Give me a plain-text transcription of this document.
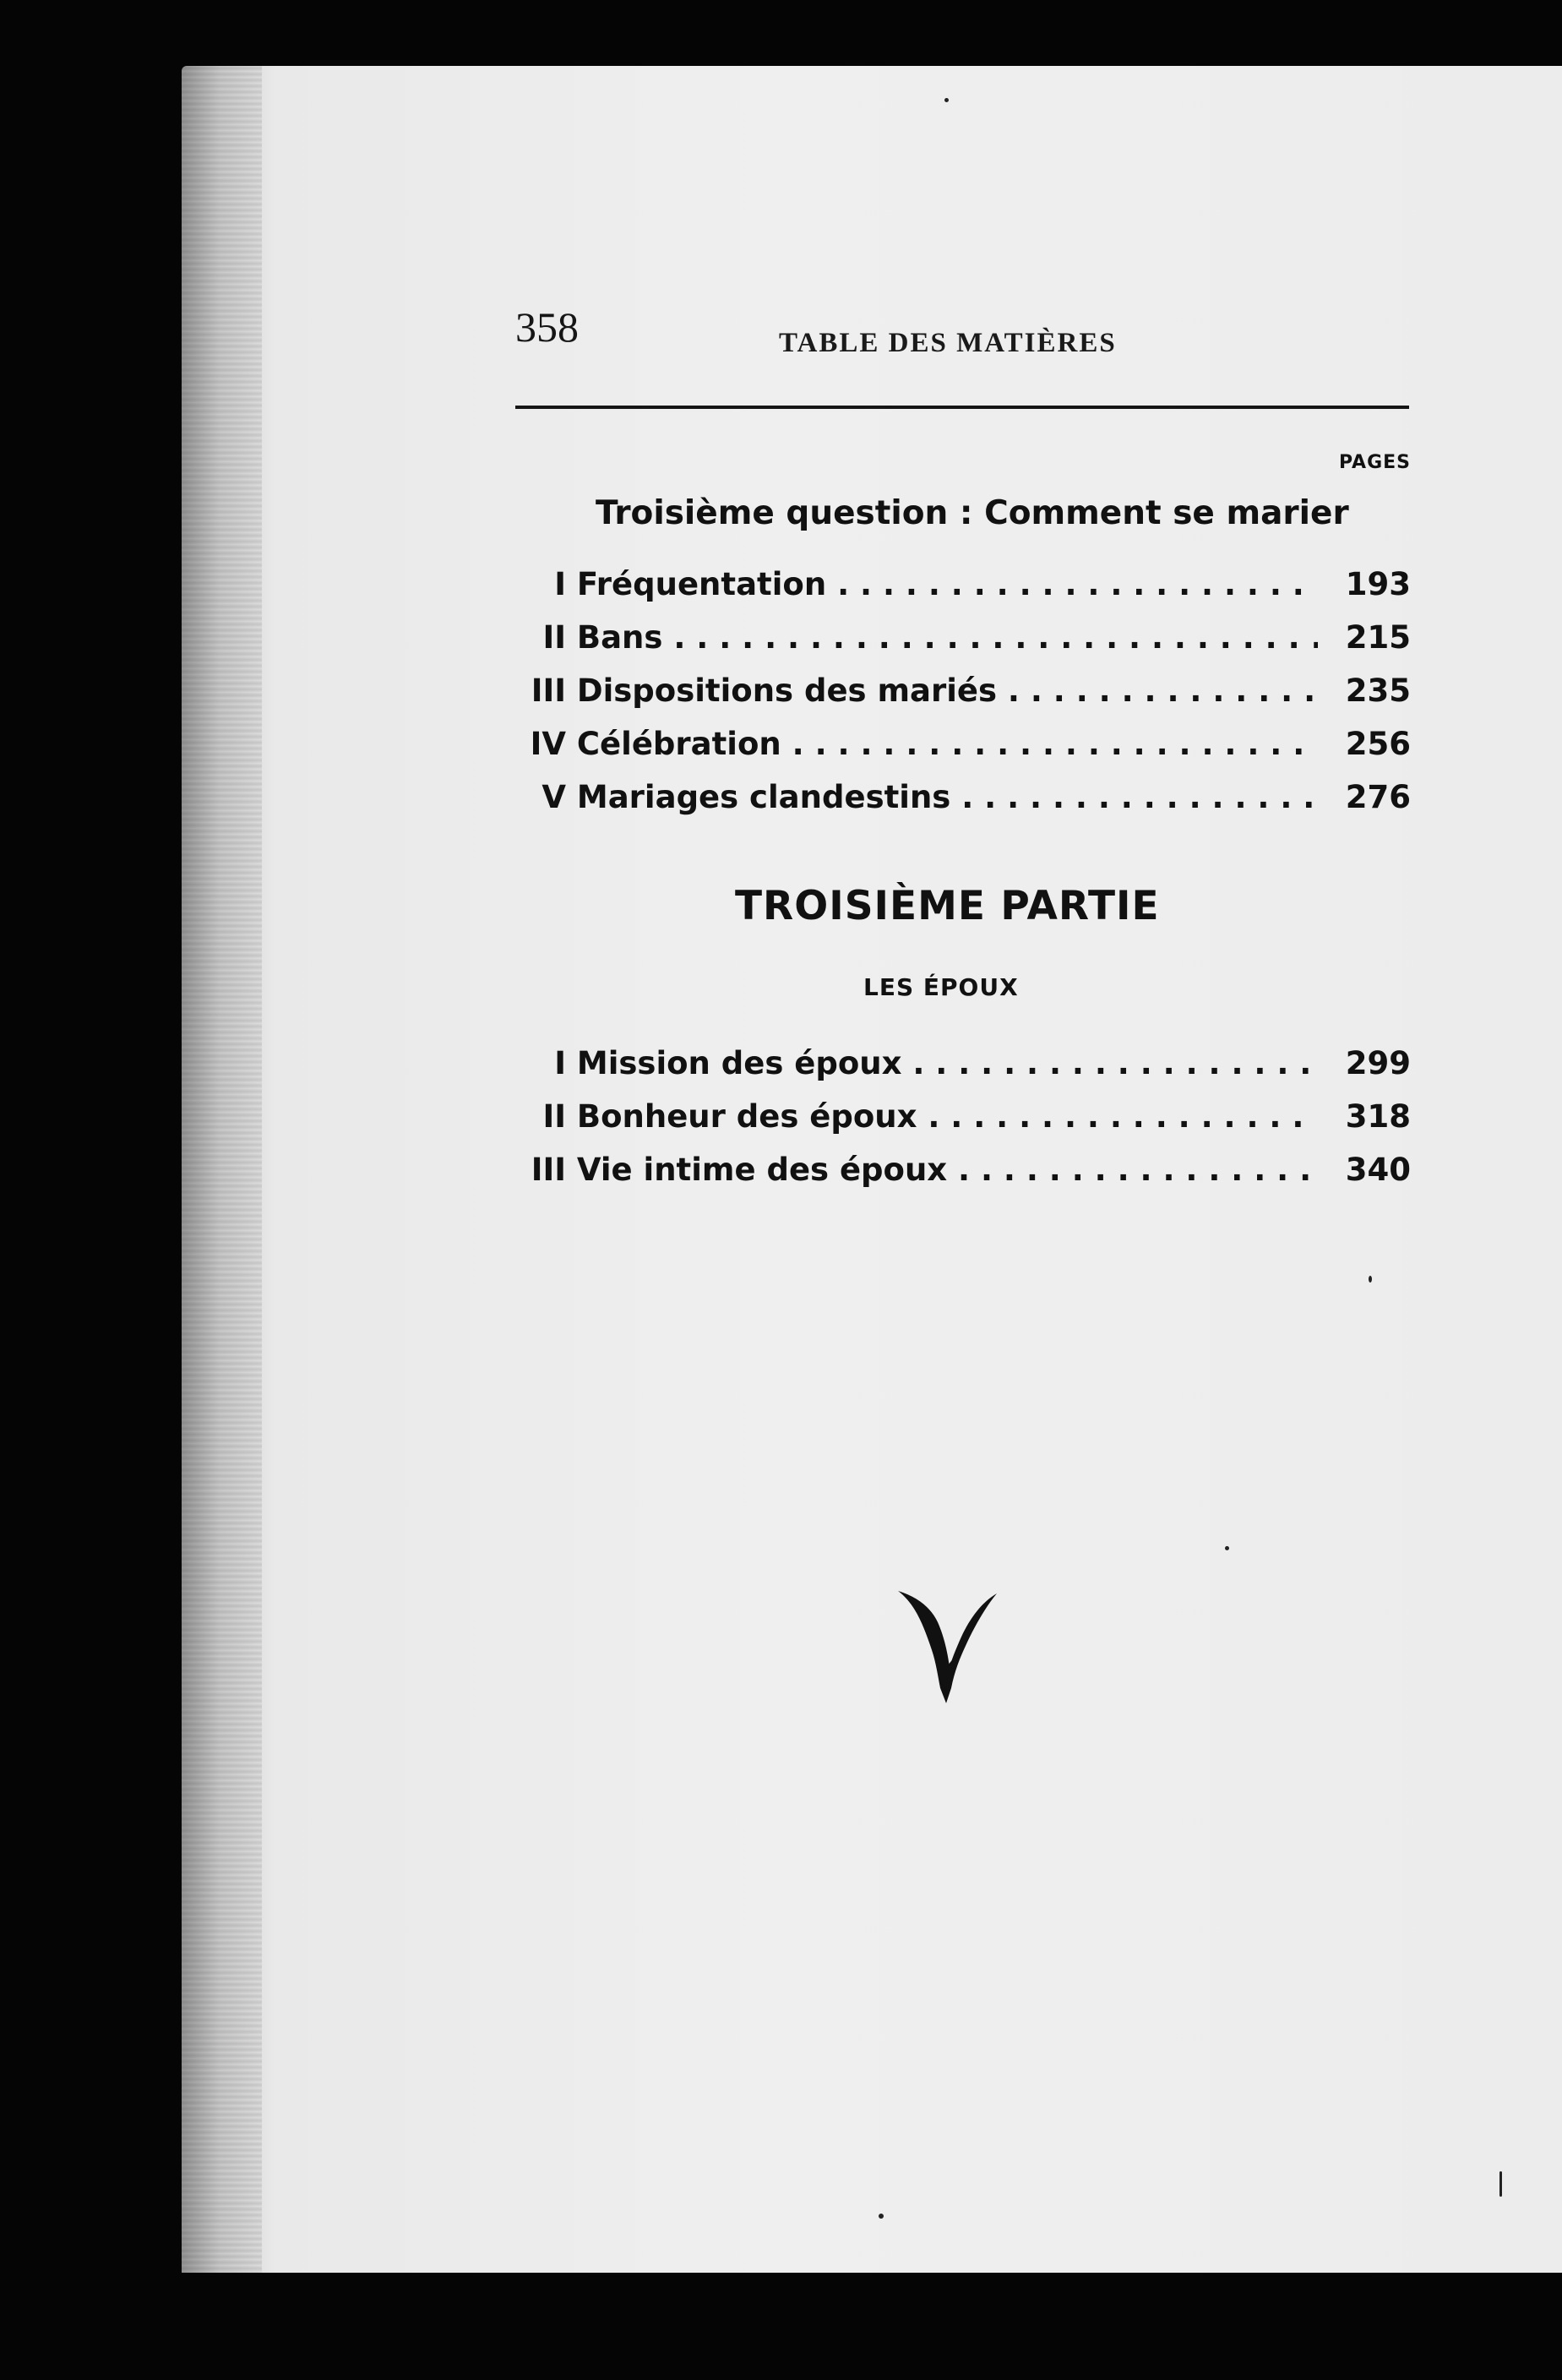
358	TABLE DES MATIÈRES
PAGES
Troisième question : Comment se marier
I Fréquentation . . .	193
II Bans . . .	215
III Dispositions des mariés . . .	235
IV Célébration . . .	256
V Mariages clandestins . . .	276
TROISIÈME PARTIE
LES ÉPOUX
I Mission des époux . . .	299
II Bonheur des époux . . .	318
III Vie intime des époux . . .	340
